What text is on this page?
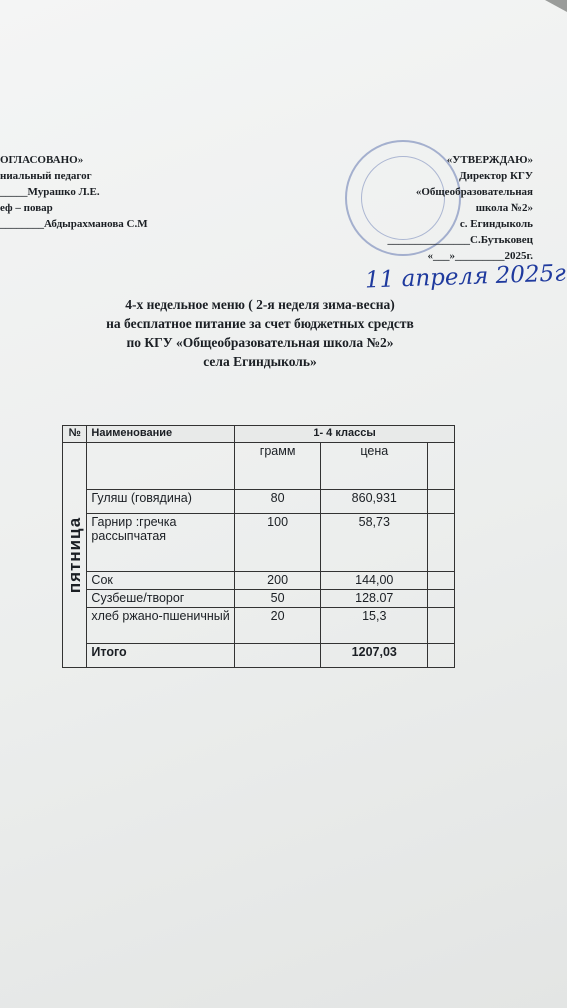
ОГЛАСОВАНО»
ниальный педагог
_____Мурашко Л.Е.
еф – повар
________Абдырахманова С.М
«УТВЕРЖДАЮ»
Директор КГУ
«Общеобразовательная
школа №2»
с. Егиндыколь
_______________С.Бутьковец
«___»_________2025г.
11 апреля 2025г
4-х недельное меню ( 2-я неделя зима-весна)
на бесплатное питание за счет бюджетных средств
по КГУ «Общеобразовательная школа №2»
села Егиндыколь»
№	Наименование	1- 4 классы		

пятница		грамм	цена	
	Гуляш (говядина)	80	860,931	
	Гарнир :гречка рассыпчатая	100	58,73	
	Сок	200	144,00	
	Сузбеше/творог	50	128.07	
	хлеб ржано-пшеничный	20	15,3	
	Итого		1207,03	
